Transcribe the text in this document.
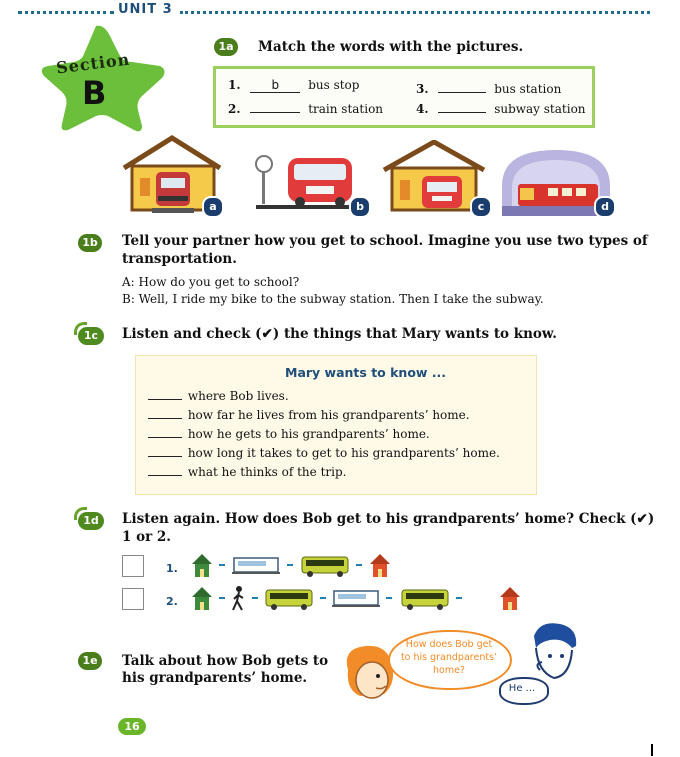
UNIT 3
Section
B
1a	Match the words with the pictures.
1.	b bus stop
2.	train station
3.	bus station
4.	subway station
a	b	c	d
1b	Tell your partner how you get to school. Imagine you use two types of
transportation.
A: How do you get to school?
B: Well, I ride my bike to the subway station. Then I take the subway.
1c	Listen and check (✔) the things that Mary wants to know.
Mary wants to know ...
where Bob lives.
how far he lives from his grandparents’ home.
how he gets to his grandparents’ home.
how long it takes to get to his grandparents’ home.
what he thinks of the trip.
1d	Listen again. How does Bob get to his grandparents’ home? Check (✔)
1 or 2.
1.
2.
1e	Talk about how Bob gets to
his grandparents’ home.
How does Bob get
to his grandparents’
home?
He ...
16
